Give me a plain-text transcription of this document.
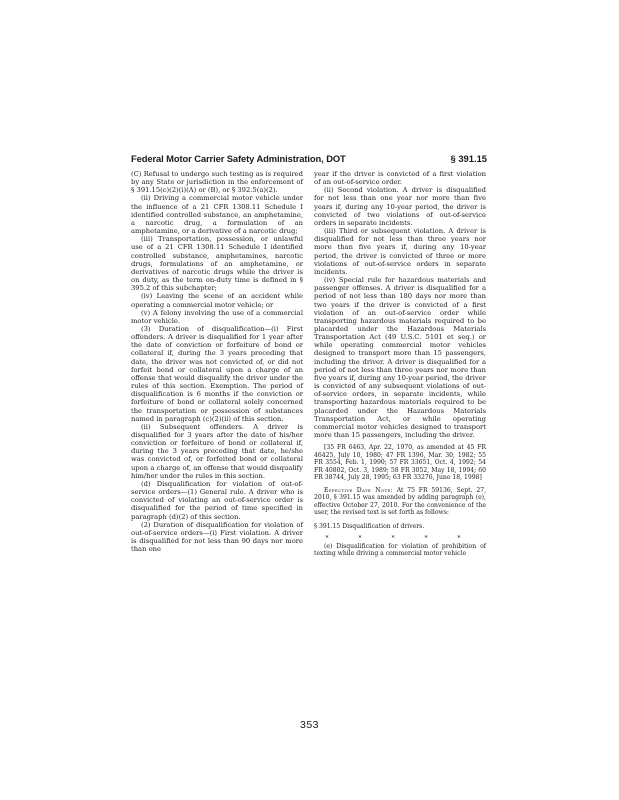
Federal Motor Carrier Safety Administration, DOT	§ 391.15

(C) Refusal to undergo such testing as is required by any State or jurisdiction in the enforcement of § 391.15(c)(2)(i)(A) or (B), or § 392.5(a)(2).

(ii) Driving a commercial motor vehicle under the influence of a 21 CFR 1308.11 Schedule I identified controlled substance, an amphetamine, a narcotic drug, a formulation of an amphetamine, or a derivative of a narcotic drug;

(iii) Transportation, possession, or unlawful use of a 21 CFR 1308.11 Schedule I identified controlled substance, amphetamines, narcotic drugs, formulations of an amphetamine, or derivatives of narcotic drugs while the driver is on duty, as the term on-duty time is defined in § 395.2 of this subchapter;

(iv) Leaving the scene of an accident while operating a commercial motor vehicle; or

(v) A felony involving the use of a commercial motor vehicle.

(3) Duration of disqualification—(i) First offenders. A driver is disqualified for 1 year after the date of conviction or forfeiture of bond or collateral if, during the 3 years preceding that date, the driver was not convicted of, or did not forfeit bond or collateral upon a charge of an offense that would disqualify the driver under the rules of this section. Exemption. The period of disqualification is 6 months if the conviction or forfeiture of bond or collateral solely concerned the transportation or possession of substances named in paragraph (c)(2)(ii) of this section.

(ii) Subsequent offenders. A driver is disqualified for 3 years after the date of his/her conviction or forfeiture of bond or collateral if, during the 3 years preceding that date, he/she was convicted of, or forfeited bond or collateral upon a charge of, an offense that would disqualify him/her under the rules in this section.

(d) Disqualification for violation of out-of-service orders—(1) General rule. A driver who is convicted of violating an out-of-service order is disqualified for the period of time specified in paragraph (d)(2) of this section.

(2) Duration of disqualification for violation of out-of-service orders—(i) First violation. A driver is disqualified for not less than 90 days nor more than one

year if the driver is convicted of a first violation of an out-of-service order.

(ii) Second violation. A driver is disqualified for not less than one year nor more than five years if, during any 10-year period, the driver is convicted of two violations of out-of-service orders in separate incidents.

(iii) Third or subsequent violation. A driver is disqualified for not less than three years nor more than five years if, during any 10-year period, the driver is convicted of three or more violations of out-of-service orders in separate incidents.

(iv) Special rule for hazardous materials and passenger offenses. A driver is disqualified for a period of not less than 180 days nor more than two years if the driver is convicted of a first violation of an out-of-service order while transporting hazardous materials required to be placarded under the Hazardous Materials Transportation Act (49 U.S.C. 5101 et seq.) or while operating commercial motor vehicles designed to transport more than 15 passengers, including the driver. A driver is disqualified for a period of not less than three years nor more than five years if, during any 10-year period, the driver is convicted of any subsequent violations of out-of-service orders, in separate incidents, while transporting hazardous materials required to be placarded under the Hazardous Materials Transportation Act, or while operating commercial motor vehicles designed to transport more than 15 passengers, including the driver.

[35 FR 6463, Apr. 22, 1970, as amended at 45 FR 46425, July 10, 1980; 47 FR 1396, Mar. 30, 1982; 55 FR 3554, Feb. 1, 1990; 57 FR 33651, Oct. 4, 1992; 54 FR 40802, Oct. 3, 1989; 58 FR 3052, May 18, 1994; 60 FR 38744, July 28, 1995; 63 FR 33276, June 18, 1998]

Effective Date Note: At 75 FR 59136, Sept. 27, 2010, § 391.15 was amended by adding paragraph (e), effective October 27, 2010. For the convenience of the user, the revised text is set forth as follows:

§ 391.15 Disqualification of drivers.

* * * * *

(e) Disqualification for violation of prohibition of texting while driving a commercial motor vehicle

353
